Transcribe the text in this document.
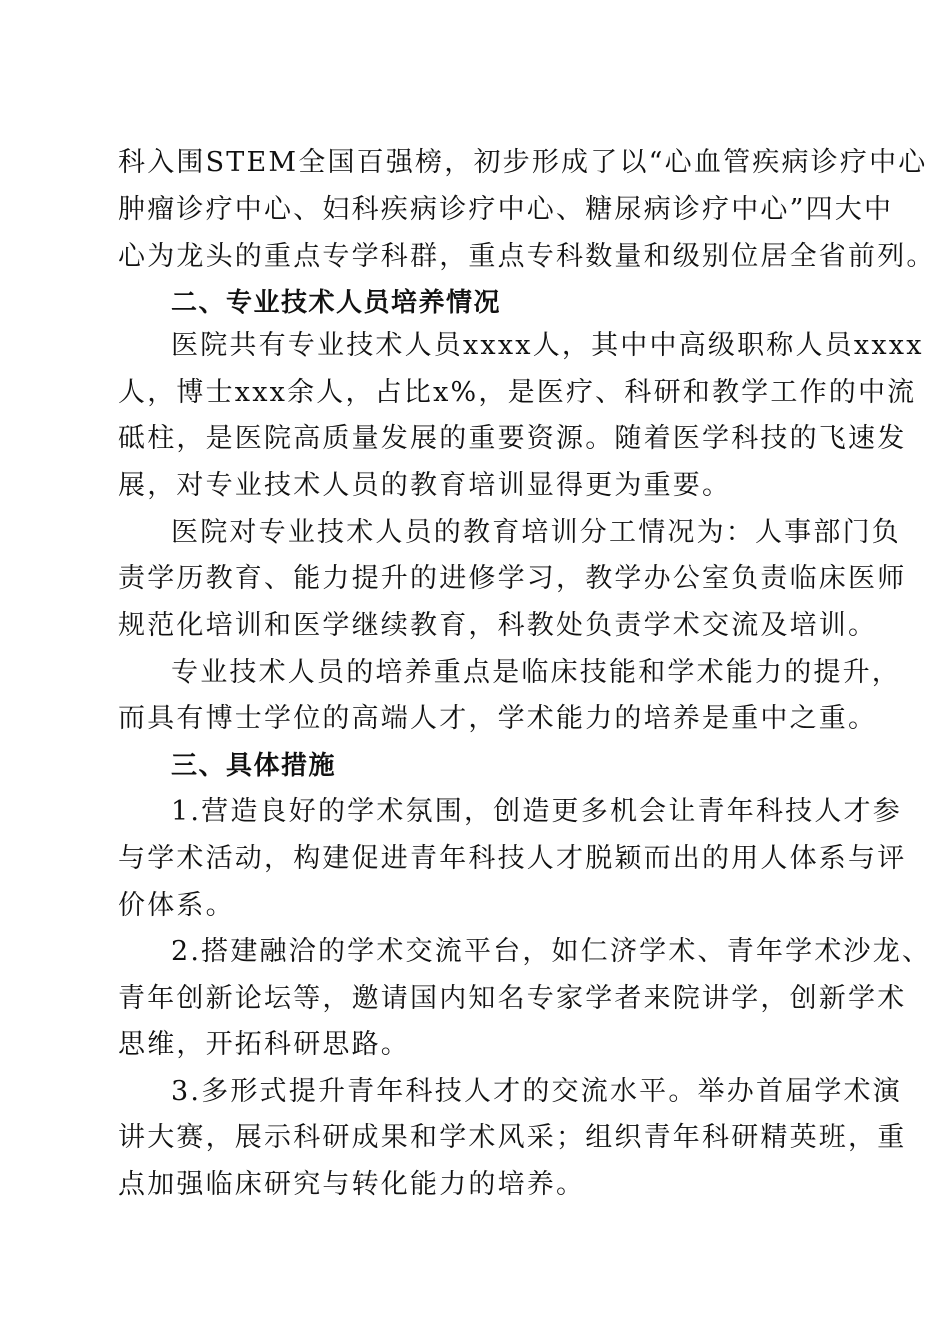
科入围STEM全国百强榜，初步形成了以“心血管疾病诊疗中心
肿瘤诊疗中心、妇科疾病诊疗中心、糖尿病诊疗中心”四大中
心为龙头的重点专学科群，重点专科数量和级别位居全省前列。
二、专业技术人员培养情况
医院共有专业技术人员xxxx人，其中中高级职称人员xxxx
人，博士xxx余人，占比x%，是医疗、科研和教学工作的中流
砥柱，是医院高质量发展的重要资源。随着医学科技的飞速发
展，对专业技术人员的教育培训显得更为重要。
医院对专业技术人员的教育培训分工情况为：人事部门负
责学历教育、能力提升的进修学习，教学办公室负责临床医师
规范化培训和医学继续教育，科教处负责学术交流及培训。
专业技术人员的培养重点是临床技能和学术能力的提升，
而具有博士学位的高端人才，学术能力的培养是重中之重。
三、具体措施
1.营造良好的学术氛围，创造更多机会让青年科技人才参
与学术活动，构建促进青年科技人才脱颖而出的用人体系与评
价体系。
2.搭建融洽的学术交流平台，如仁济学术、青年学术沙龙、
青年创新论坛等，邀请国内知名专家学者来院讲学，创新学术
思维，开拓科研思路。
3.多形式提升青年科技人才的交流水平。举办首届学术演
讲大赛，展示科研成果和学术风采；组织青年科研精英班，重
点加强临床研究与转化能力的培养。
